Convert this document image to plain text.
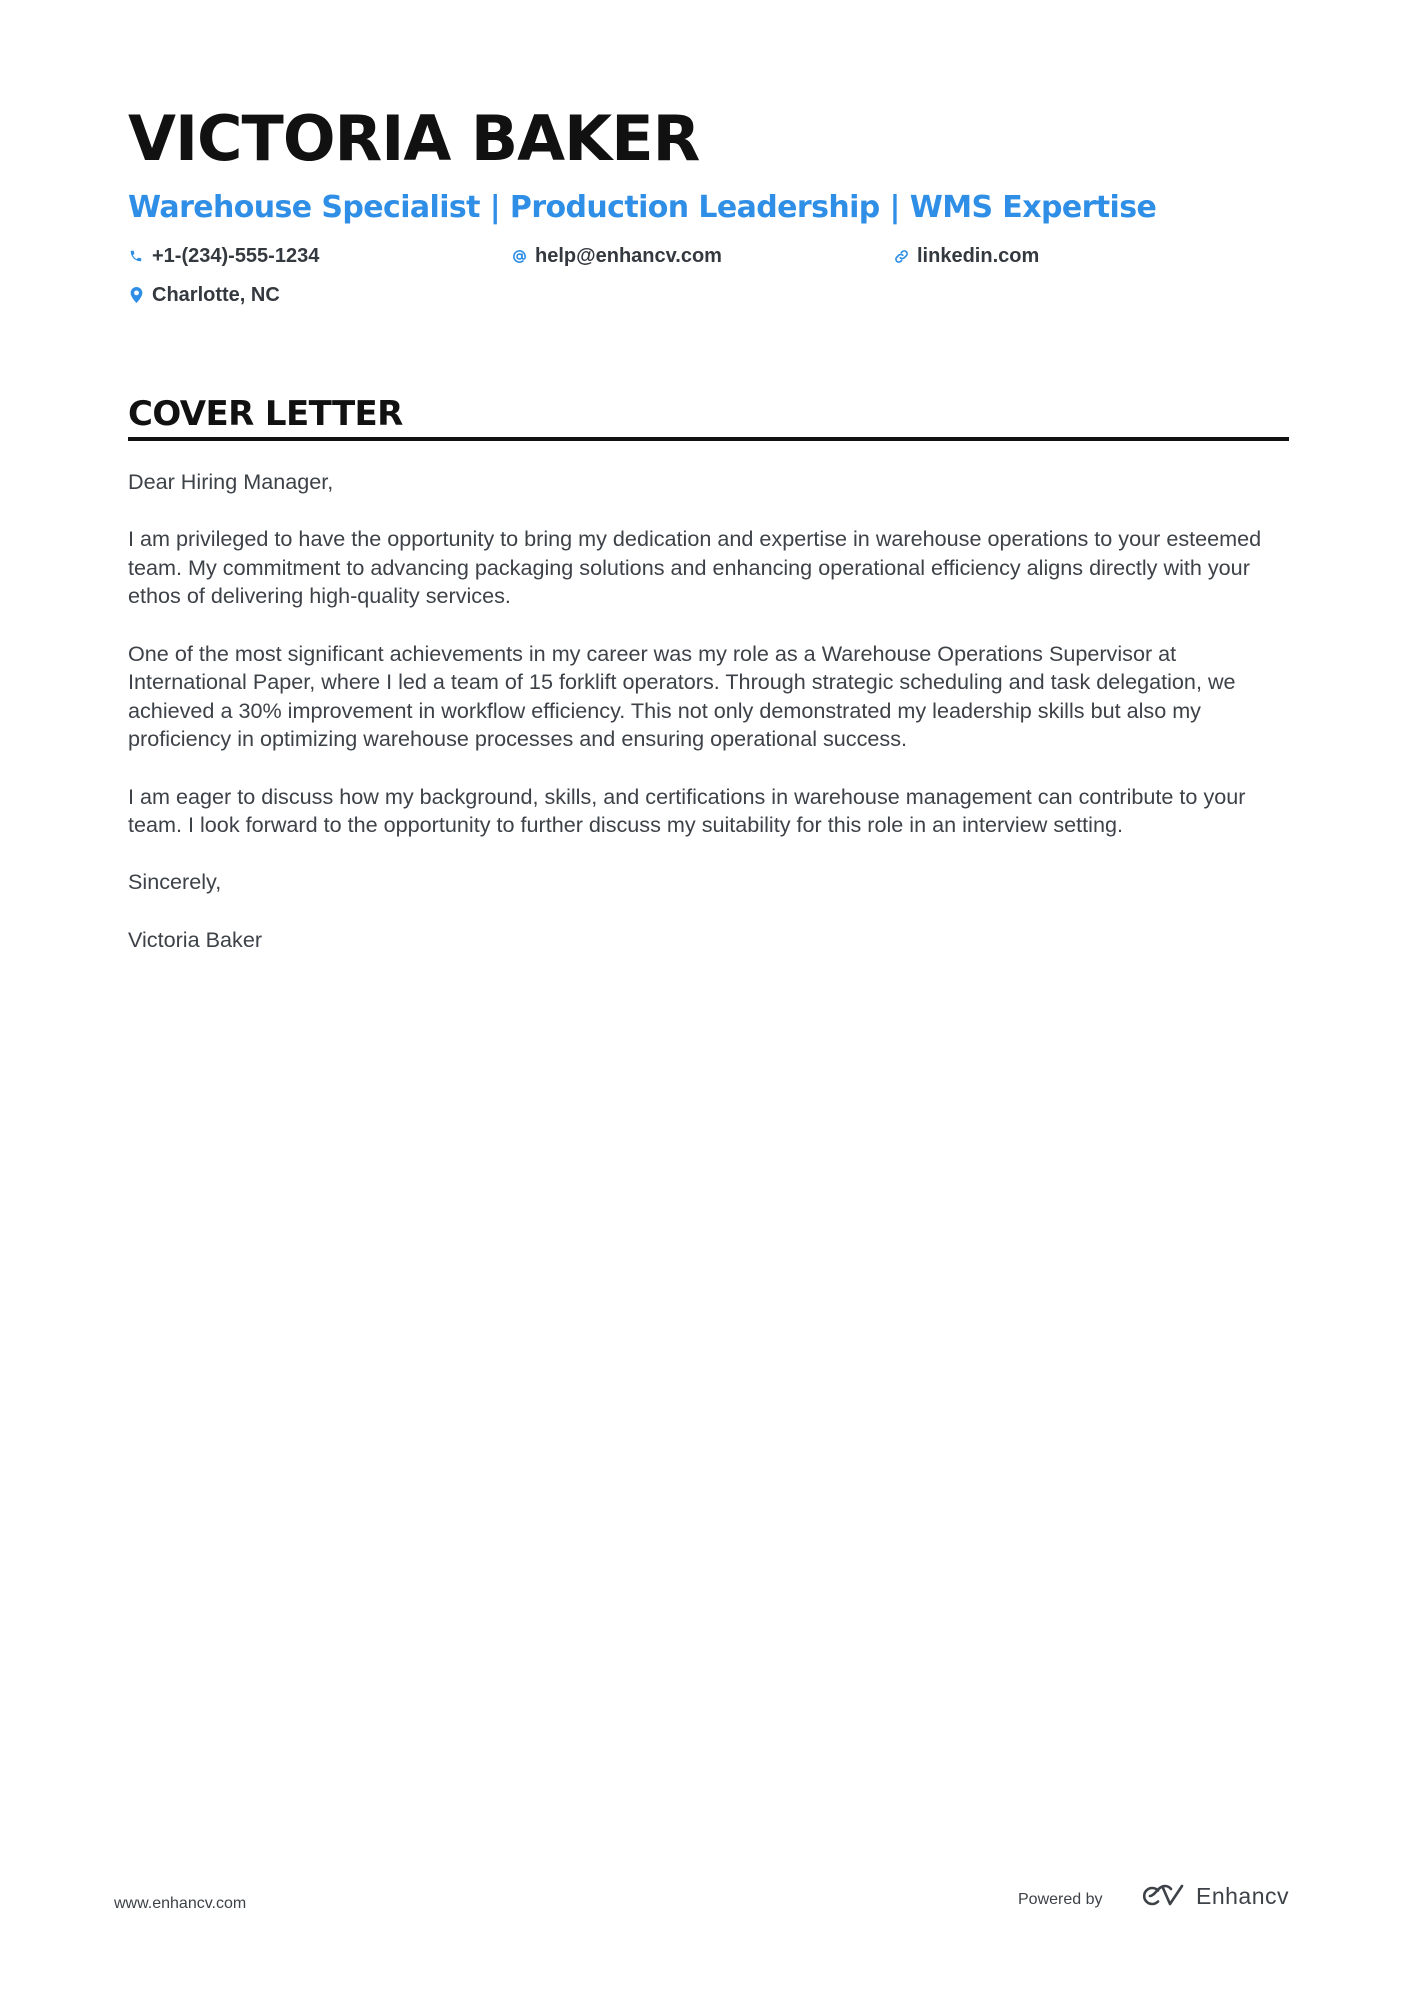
VICTORIA BAKER
Warehouse Specialist | Production Leadership | WMS Expertise
+1-(234)-555-1234	help@enhancv.com	linkedin.com
Charlotte, NC
COVER LETTER

Dear Hiring Manager,

I am privileged to have the opportunity to bring my dedication and expertise in warehouse operations to your esteemed team. My commitment to advancing packaging solutions and enhancing operational efficiency aligns directly with your ethos of delivering high-quality services.

One of the most significant achievements in my career was my role as a Warehouse Operations Supervisor at International Paper, where I led a team of 15 forklift operators. Through strategic scheduling and task delegation, we achieved a 30% improvement in workflow efficiency. This not only demonstrated my leadership skills but also my proficiency in optimizing warehouse processes and ensuring operational success.

I am eager to discuss how my background, skills, and certifications in warehouse management can contribute to your team. I look forward to the opportunity to further discuss my suitability for this role in an interview setting.

Sincerely,

Victoria Baker

www.enhancv.com	Powered by	Enhancv
